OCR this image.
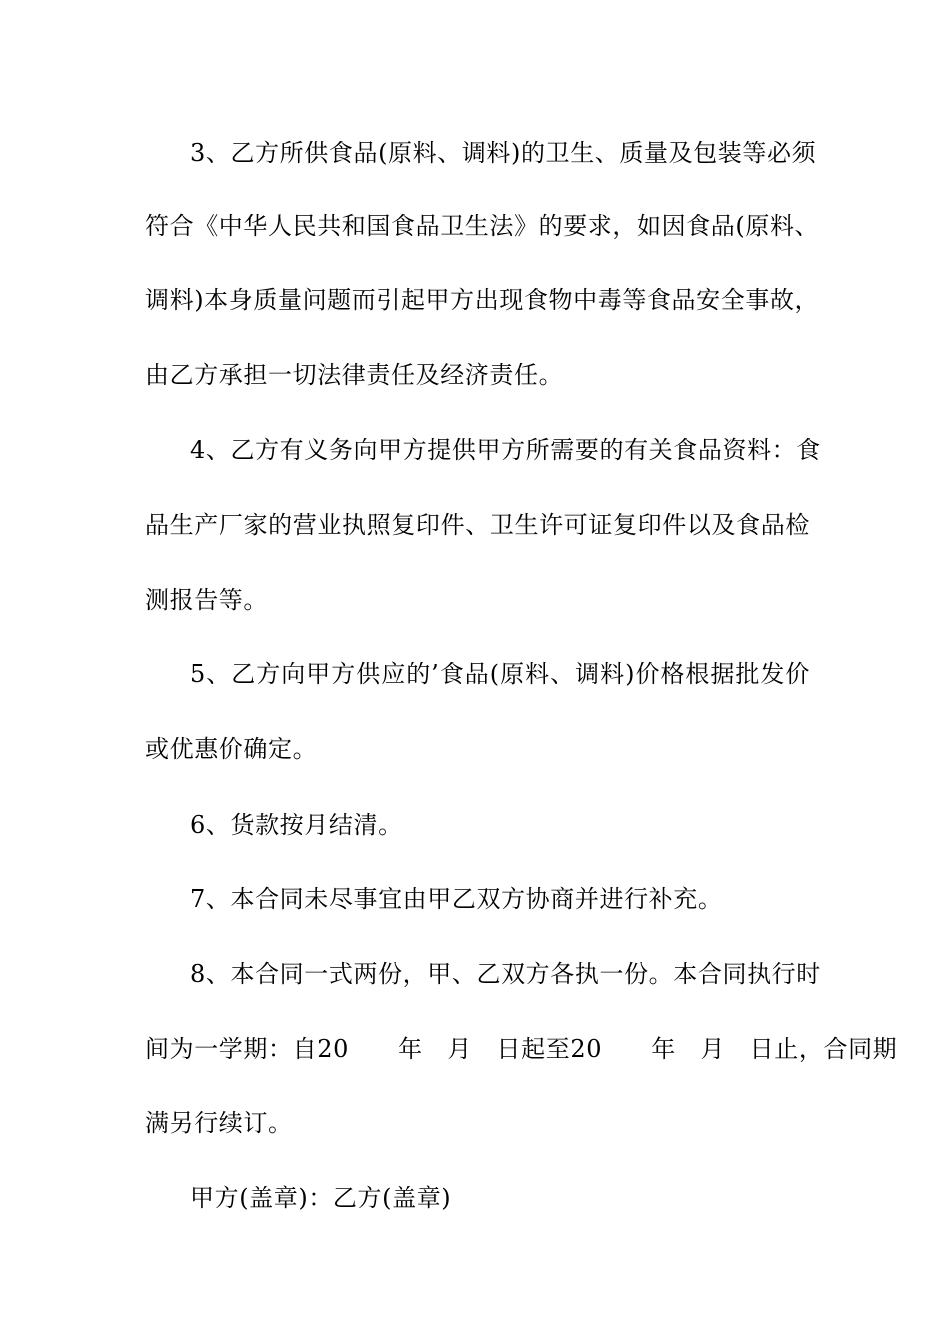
3、乙方所供食品(原料、调料)的卫生、质量及包装等必须
符合《中华人民共和国食品卫生法》的要求，如因食品(原料、
调料)本身质量问题而引起甲方出现食物中毒等食品安全事故，
由乙方承担一切法律责任及经济责任。
4、乙方有义务向甲方提供甲方所需要的有关食品资料：食
品生产厂家的营业执照复印件、卫生许可证复印件以及食品检
测报告等。
5、乙方向甲方供应的’食品(原料、调料)价格根据批发价
或优惠价确定。
6、货款按月结清。
7、本合同未尽事宜由甲乙双方协商并进行补充。
8、本合同一式两份，甲、乙双方各执一份。本合同执行时
间为一学期：自20　　年　月　日起至20　　年　月　日止，合同期
满另行续订。
甲方(盖章)：乙方(盖章)
